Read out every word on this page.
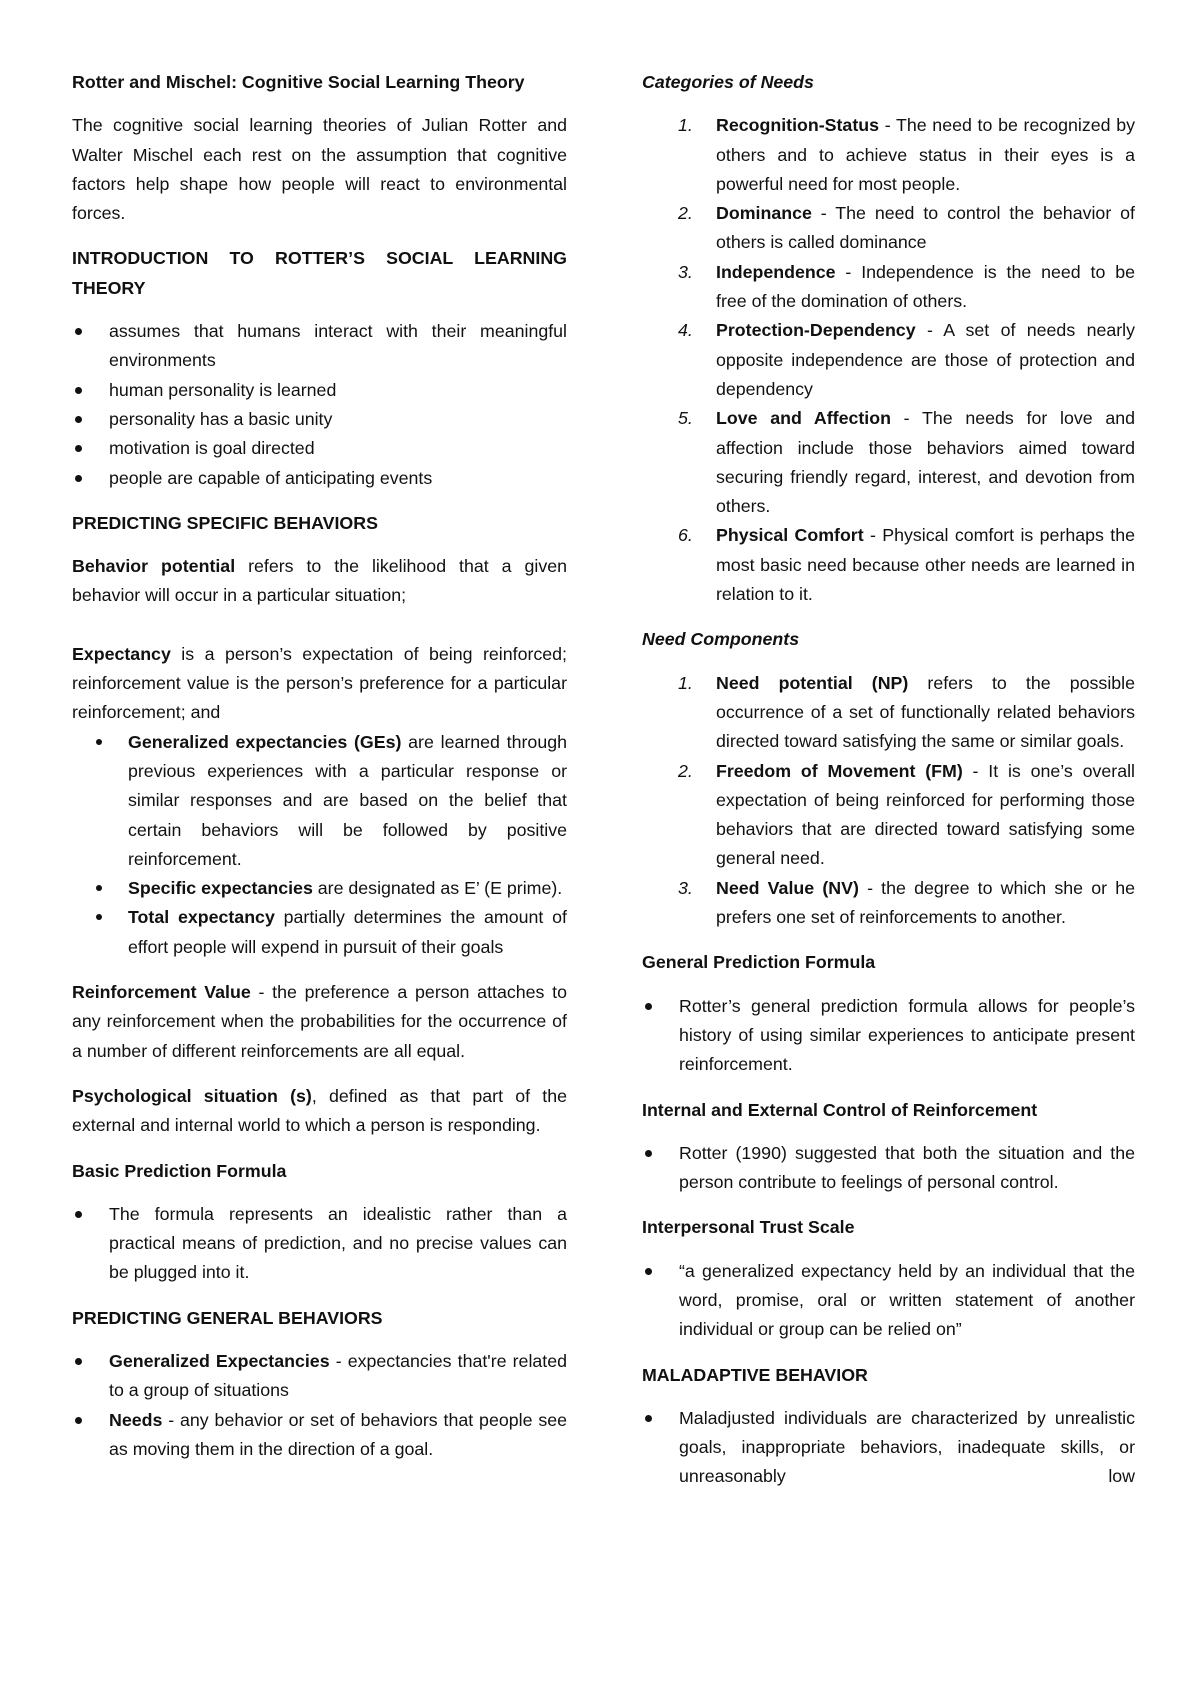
Rotter and Mischel: Cognitive Social Learning Theory

The cognitive social learning theories of Julian Rotter and Walter Mischel each rest on the assumption that cognitive factors help shape how people will react to environmental forces.

INTRODUCTION TO ROTTER’S SOCIAL LEARNING THEORY

assumes that humans interact with their meaningful environments
human personality is learned
personality has a basic unity
motivation is goal directed
people are capable of anticipating events

PREDICTING SPECIFIC BEHAVIORS

Behavior potential refers to the likelihood that a given behavior will occur in a particular situation;

Expectancy is a person’s expectation of being reinforced; reinforcement value is the person’s preference for a particular reinforcement; and

Generalized expectancies (GEs) are learned through previous experiences with a particular response or similar responses and are based on the belief that certain behaviors will be followed by positive reinforcement.
Specific expectancies are designated as E’ (E prime).
Total expectancy partially determines the amount of effort people will expend in pursuit of their goals

Reinforcement Value - the preference a person attaches to any reinforcement when the probabilities for the occurrence of a number of different reinforcements are all equal.

Psychological situation (s), defined as that part of the external and internal world to which a person is responding.

Basic Prediction Formula

The formula represents an idealistic rather than a practical means of prediction, and no precise values can be plugged into it.

PREDICTING GENERAL BEHAVIORS

Generalized Expectancies - expectancies that're related to a group of situations
Needs - any behavior or set of behaviors that people see as moving them in the direction of a goal.

Categories of Needs

1. Recognition-Status - The need to be recognized by others and to achieve status in their eyes is a powerful need for most people.
2. Dominance - The need to control the behavior of others is called dominance
3. Independence - Independence is the need to be free of the domination of others.
4. Protection-Dependency - A set of needs nearly opposite independence are those of protection and dependency
5. Love and Affection - The needs for love and affection include those behaviors aimed toward securing friendly regard, interest, and devotion from others.
6. Physical Comfort - Physical comfort is perhaps the most basic need because other needs are learned in relation to it.

Need Components

1. Need potential (NP) refers to the possible occurrence of a set of functionally related behaviors directed toward satisfying the same or similar goals.
2. Freedom of Movement (FM) - It is one’s overall expectation of being reinforced for performing those behaviors that are directed toward satisfying some general need.
3. Need Value (NV) - the degree to which she or he prefers one set of reinforcements to another.

General Prediction Formula

Rotter’s general prediction formula allows for people’s history of using similar experiences to anticipate present reinforcement.

Internal and External Control of Reinforcement

Rotter (1990) suggested that both the situation and the person contribute to feelings of personal control.

Interpersonal Trust Scale

“a generalized expectancy held by an individual that the word, promise, oral or written statement of another individual or group can be relied on”

MALADAPTIVE BEHAVIOR

Maladjusted individuals are characterized by unrealistic goals, inappropriate behaviors, inadequate skills, or unreasonably low
